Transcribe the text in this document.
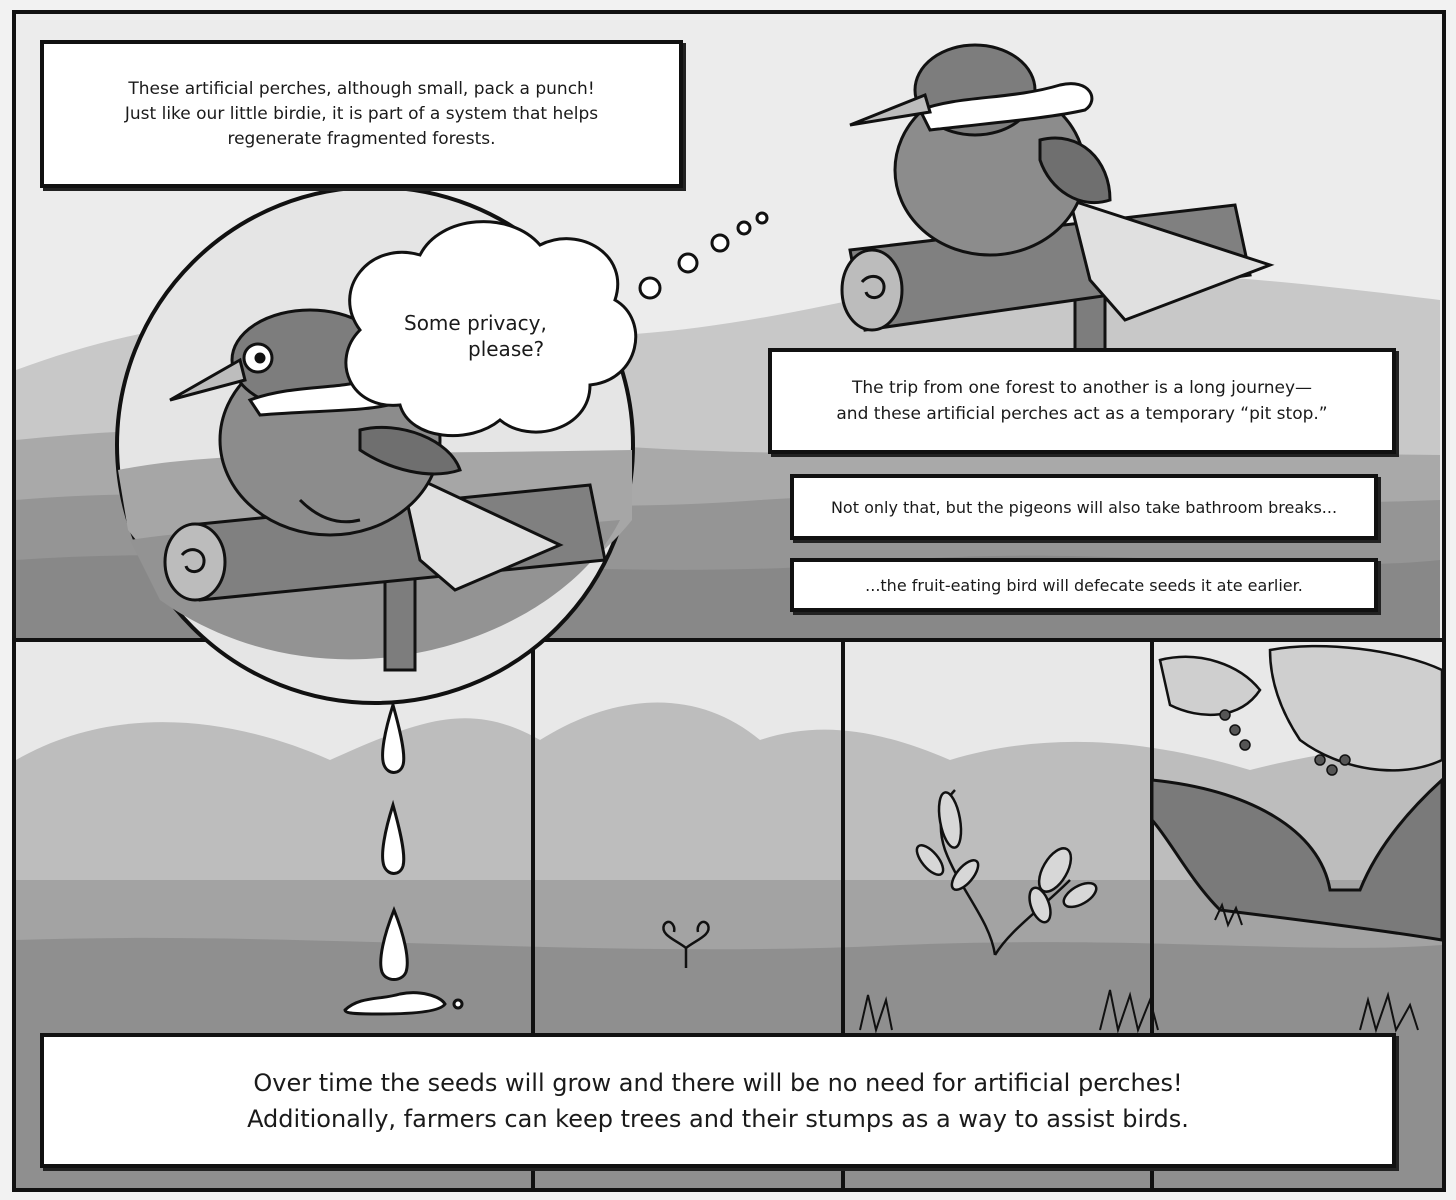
These artificial perches, although small, pack a punch!
Just like our little birdie, it is part of a system that helps
regenerate fragmented forests.
Some privacy,
please?
The trip from one forest to another is a long journey—
and these artificial perches act as a temporary “pit stop.”
Not only that, but the pigeons will also take bathroom breaks...
...the fruit-eating bird will defecate seeds it ate earlier.
Over time the seeds will grow and there will be no need for artificial perches!
Additionally, farmers can keep trees and their stumps as a way to assist birds.
